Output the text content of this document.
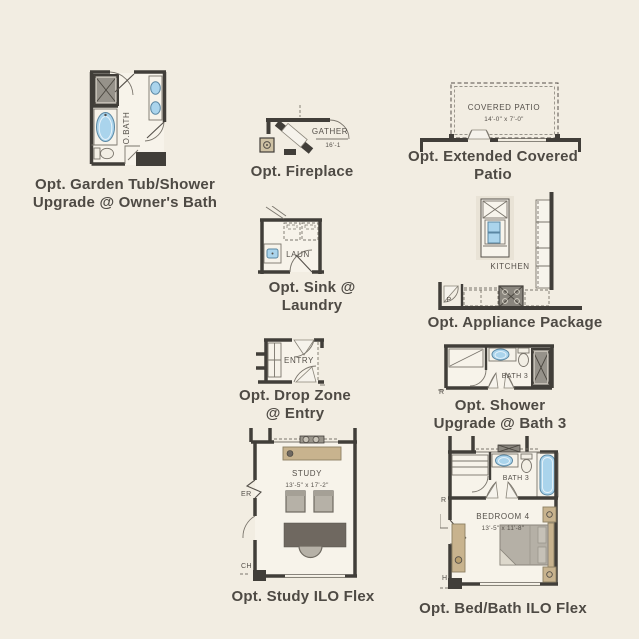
O.BATH
Opt. Garden Tub/Shower
Upgrade @ Owner's Bath
GATHER
16'-1
Opt. Fireplace
COVERED PATIO
14'-0" x 7'-0"
Opt. Extended Covered Patio
LAUN
Opt. Sink @ Laundry	P
KITCHEN
Opt. Appliance Package
ENTRY
Opt. Drop Zone
@ Entry
BATH 3
R
Opt. Shower
Upgrade @ Bath 3
STUDY
13'-5" x 17'-2"
ER
CH
Opt. Study ILO Flex
BATH 3
BEDROOM 4
13'-5" x 11'-8"
R
H
Opt. Bed/Bath ILO Flex
